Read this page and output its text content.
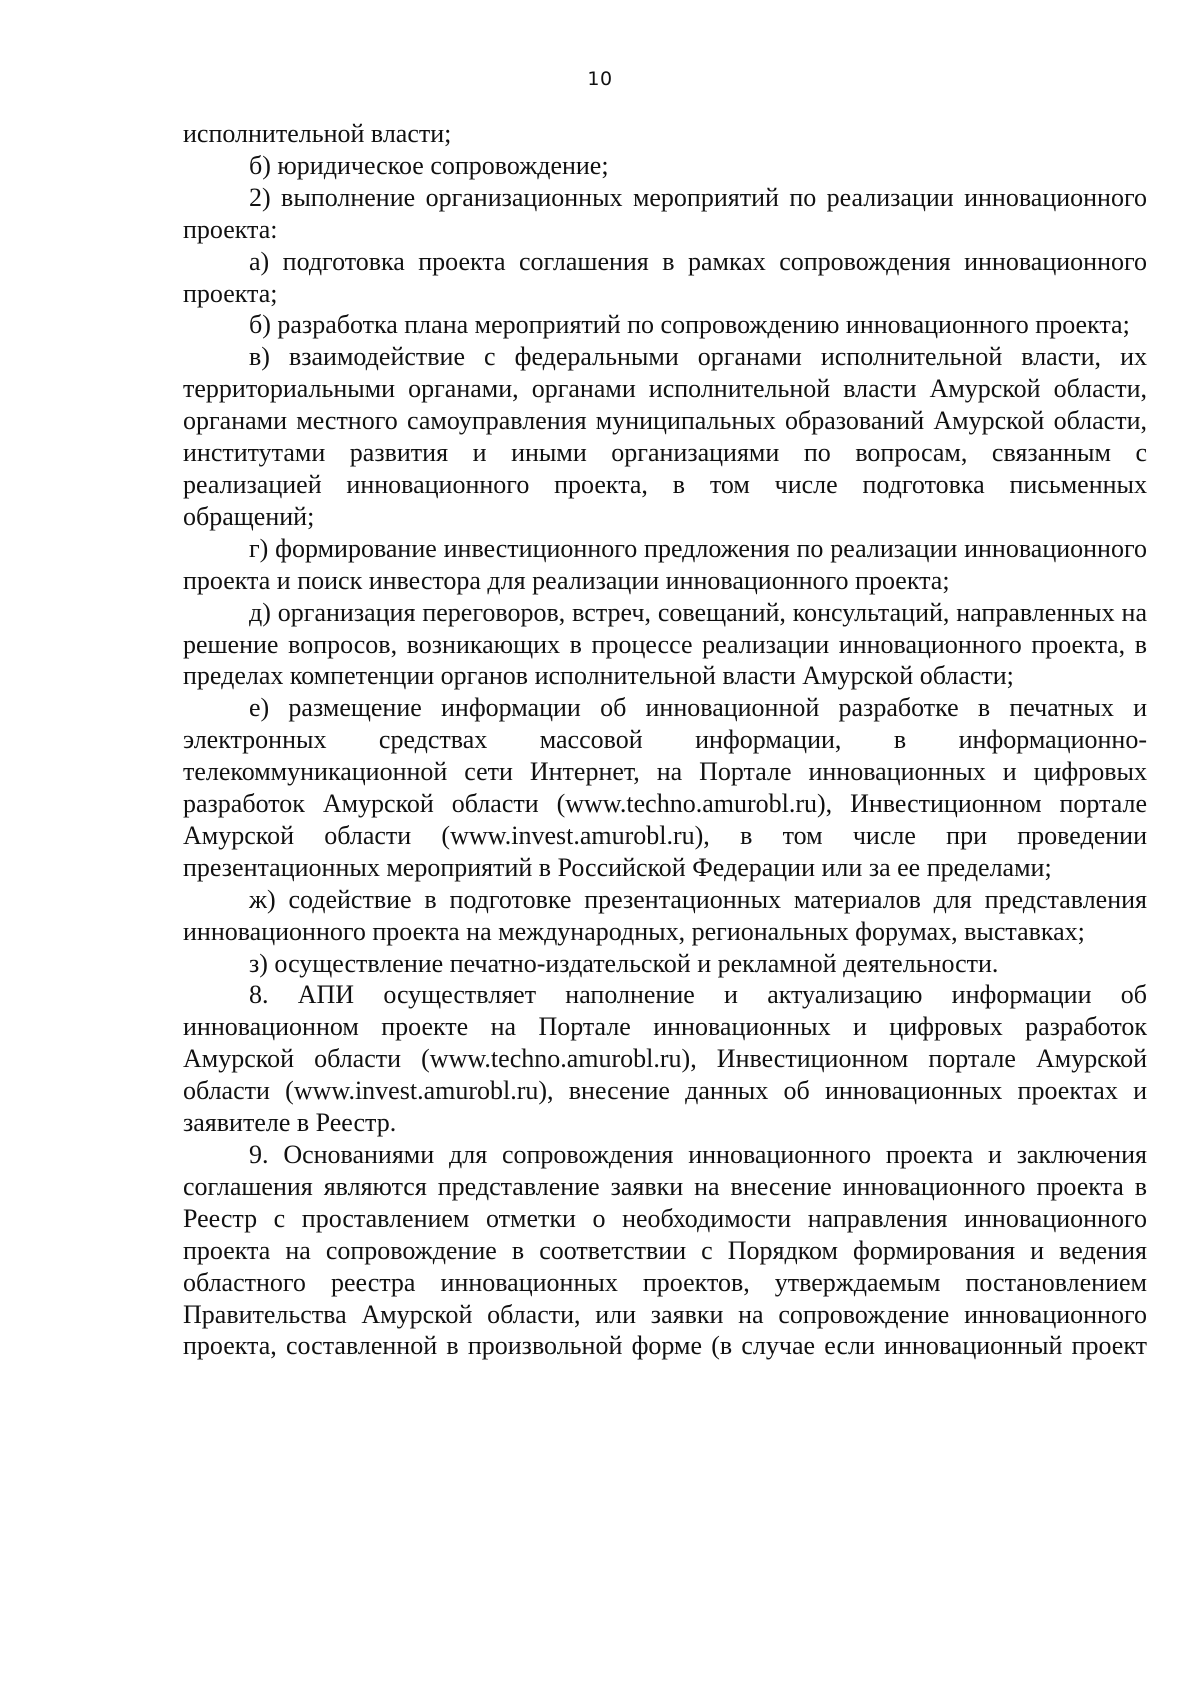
10

исполнительной власти;

б) юридическое сопровождение;

2) выполнение организационных мероприятий по реализации инновационного проекта:

а) подготовка проекта соглашения в рамках сопровождения инновационного проекта;

б) разработка плана мероприятий по сопровождению инновационного проекта;

в) взаимодействие с федеральными органами исполнительной власти, их территориальными органами, органами исполнительной власти Амурской области, органами местного самоуправления муниципальных образований Амурской области, институтами развития и иными организациями по вопросам, связанным с реализацией инновационного проекта, в том числе подготовка письменных обращений;

г) формирование инвестиционного предложения по реализации инновационного проекта и поиск инвестора для реализации инновационного проекта;

д) организация переговоров, встреч, совещаний, консультаций, направленных на решение вопросов, возникающих в процессе реализации инновационного проекта, в пределах компетенции органов исполнительной власти Амурской области;

е) размещение информации об инновационной разработке в печатных и электронных средствах массовой информации, в информационно-телекоммуникационной сети Интернет, на Портале инновационных и цифровых разработок Амурской области (www.techno.amurobl.ru), Инвестиционном портале Амурской области (www.invest.amurobl.ru), в том числе при проведении презентационных мероприятий в Российской Федерации или за ее пределами;

ж) содействие в подготовке презентационных материалов для представления инновационного проекта на международных, региональных форумах, выставках;

з) осуществление печатно-издательской и рекламной деятельности.

8. АПИ осуществляет наполнение и актуализацию информации об инновационном проекте на Портале инновационных и цифровых разработок Амурской области (www.techno.amurobl.ru), Инвестиционном портале Амурской области (www.invest.amurobl.ru), внесение данных об инновационных проектах и заявителе в Реестр.

9. Основаниями для сопровождения инновационного проекта и заключения соглашения являются представление заявки на внесение инновационного проекта в Реестр с проставлением отметки о необходимости направления инновационного проекта на сопровождение в соответствии с Порядком формирования и ведения областного реестра инновационных проектов, утверждаемым постановлением Правительства Амурской области, или заявки на сопровождение инновационного проекта, составленной в произвольной форме (в случае если инновационный проект
